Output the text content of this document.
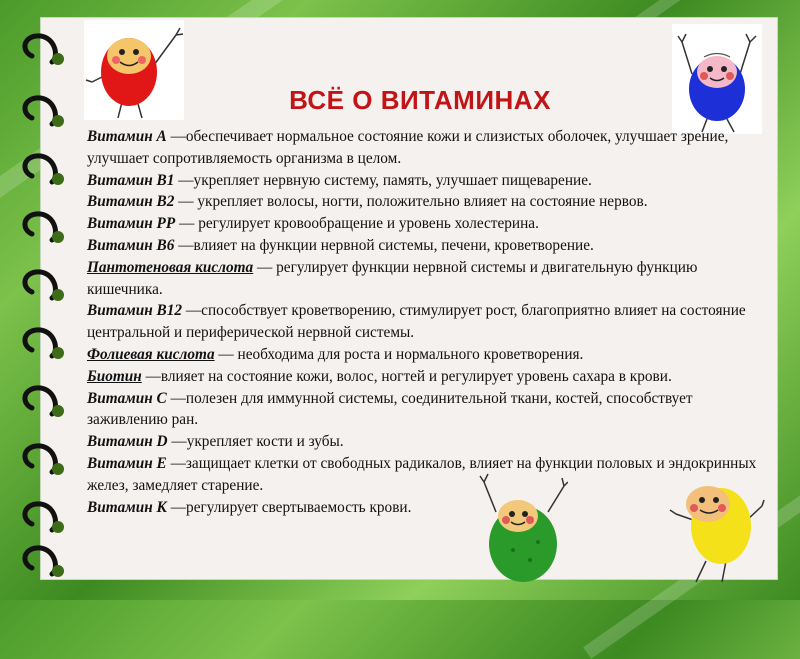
ВСЁ О ВИТАМИНАХ

Витамин А —обеспечивает нормальное состояние кожи и слизистых оболочек, улучшает зрение, улучшает сопротивляемость организма в целом.

Витамин В1 —укрепляет нервную систему, память, улучшает пищеварение.

Витамин В2 — укрепляет волосы, ногти, положительно влияет на состояние нервов.

Витамин РР — регулирует кровообращение и уровень холестерина.

Витамин В6 —влияет на функции нервной системы, печени, кроветворение.

Пантотеновая кислота — регулирует функции нервной системы и двигательную функцию кишечника.

Витамин В12 —способствует кроветворению, стимулирует рост, благоприятно влияет на состояние центральной и периферической нервной системы.

Фолиевая кислота — необходима для роста и нормального кроветворения.

Биотин —влияет на состояние кожи, волос, ногтей и регулирует уровень сахара в крови.

Витамин С —полезен для иммунной системы, соединительной ткани, костей, способствует заживлению ран.

Витамин D —укрепляет кости и зубы.

Витамин Е —защищает клетки от свободных радикалов, влияет на функции половых и эндокринных желез, замедляет старение.

Витамин К —регулирует свертываемость крови.
